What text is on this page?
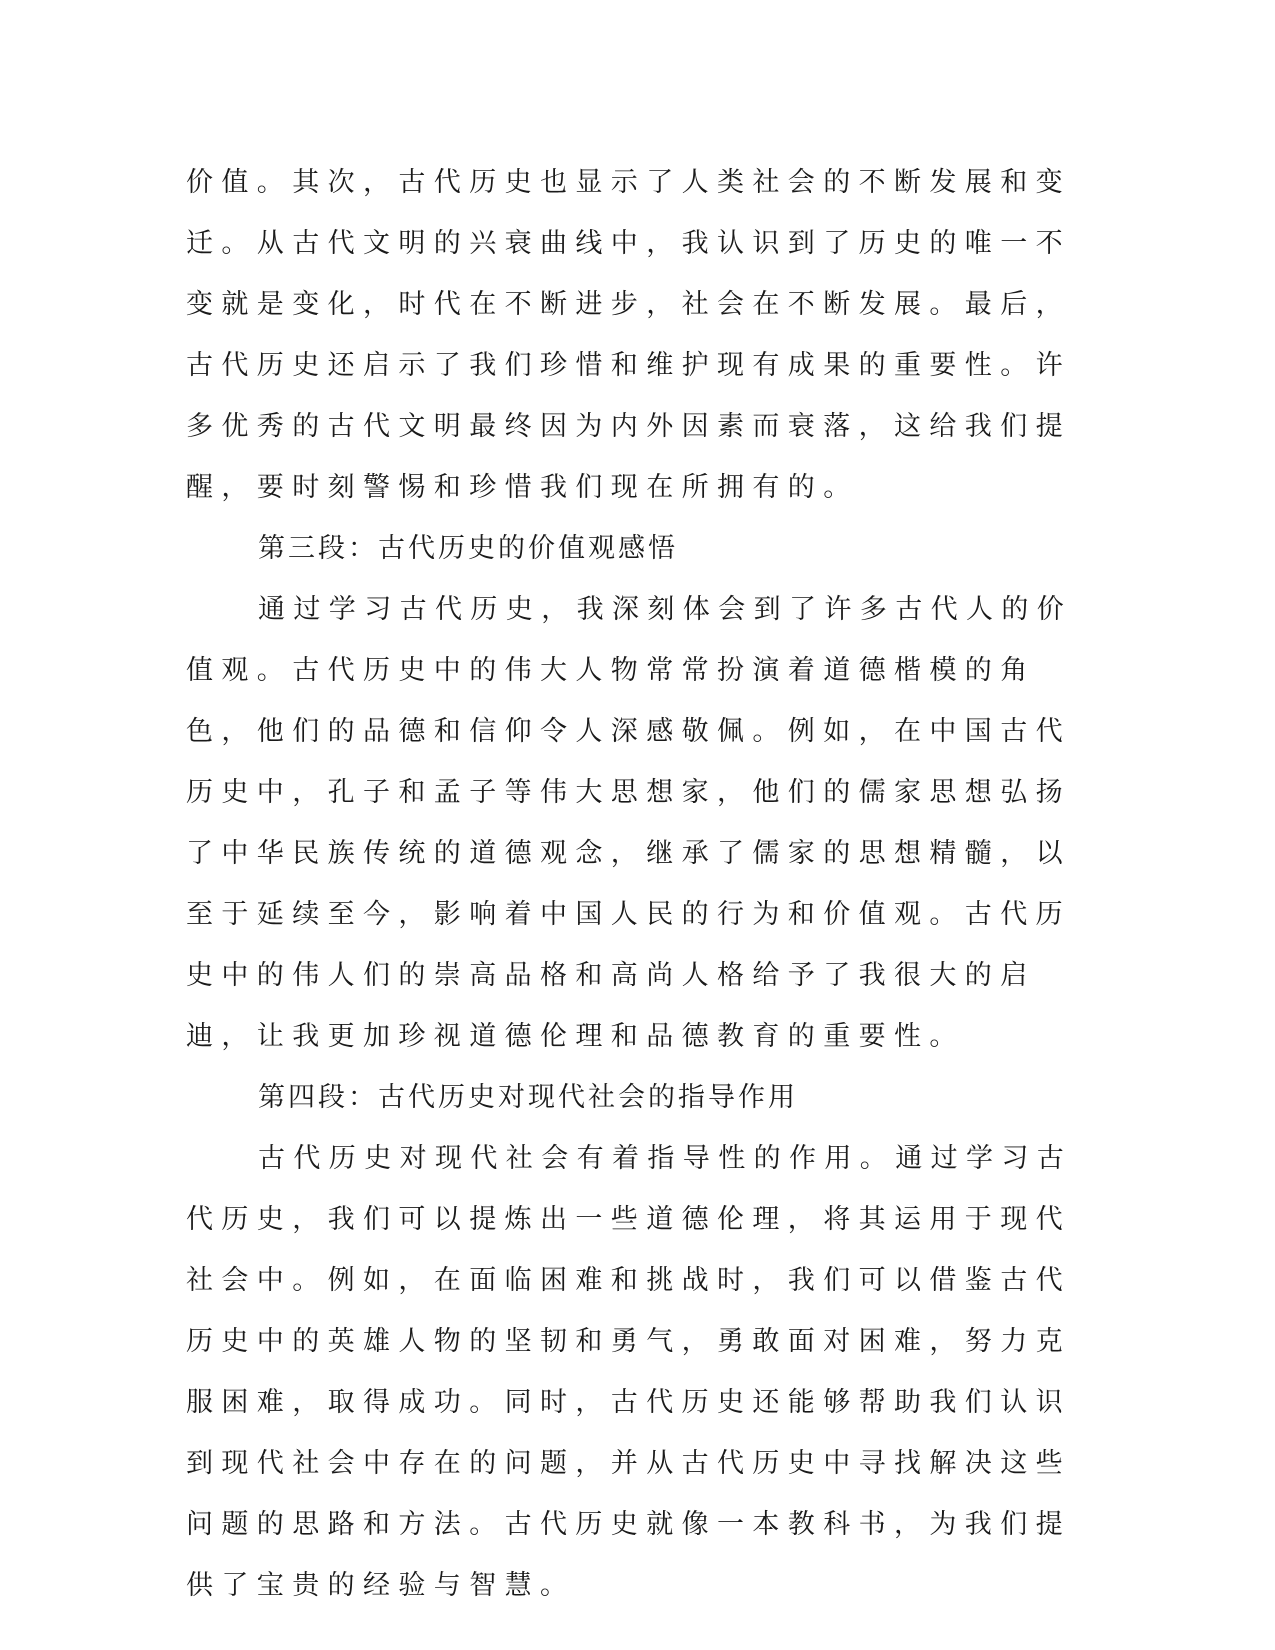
价值。其次，古代历史也显示了人类社会的不断发展和变迁。从古代文明的兴衰曲线中，我认识到了历史的唯一不变就是变化，时代在不断进步，社会在不断发展。最后，古代历史还启示了我们珍惜和维护现有成果的重要性。许多优秀的古代文明最终因为内外因素而衰落，这给我们提醒，要时刻警惕和珍惜我们现在所拥有的。

第三段：古代历史的价值观感悟

通过学习古代历史，我深刻体会到了许多古代人的价值观。古代历史中的伟大人物常常扮演着道德楷模的角色，他们的品德和信仰令人深感敬佩。例如，在中国古代历史中，孔子和孟子等伟大思想家，他们的儒家思想弘扬了中华民族传统的道德观念，继承了儒家的思想精髓，以至于延续至今，影响着中国人民的行为和价值观。古代历史中的伟人们的崇高品格和高尚人格给予了我很大的启迪，让我更加珍视道德伦理和品德教育的重要性。

第四段：古代历史对现代社会的指导作用

古代历史对现代社会有着指导性的作用。通过学习古代历史，我们可以提炼出一些道德伦理，将其运用于现代社会中。例如，在面临困难和挑战时，我们可以借鉴古代历史中的英雄人物的坚韧和勇气，勇敢面对困难，努力克服困难，取得成功。同时，古代历史还能够帮助我们认识到现代社会中存在的问题，并从古代历史中寻找解决这些问题的思路和方法。古代历史就像一本教科书，为我们提供了宝贵的经验与智慧。
